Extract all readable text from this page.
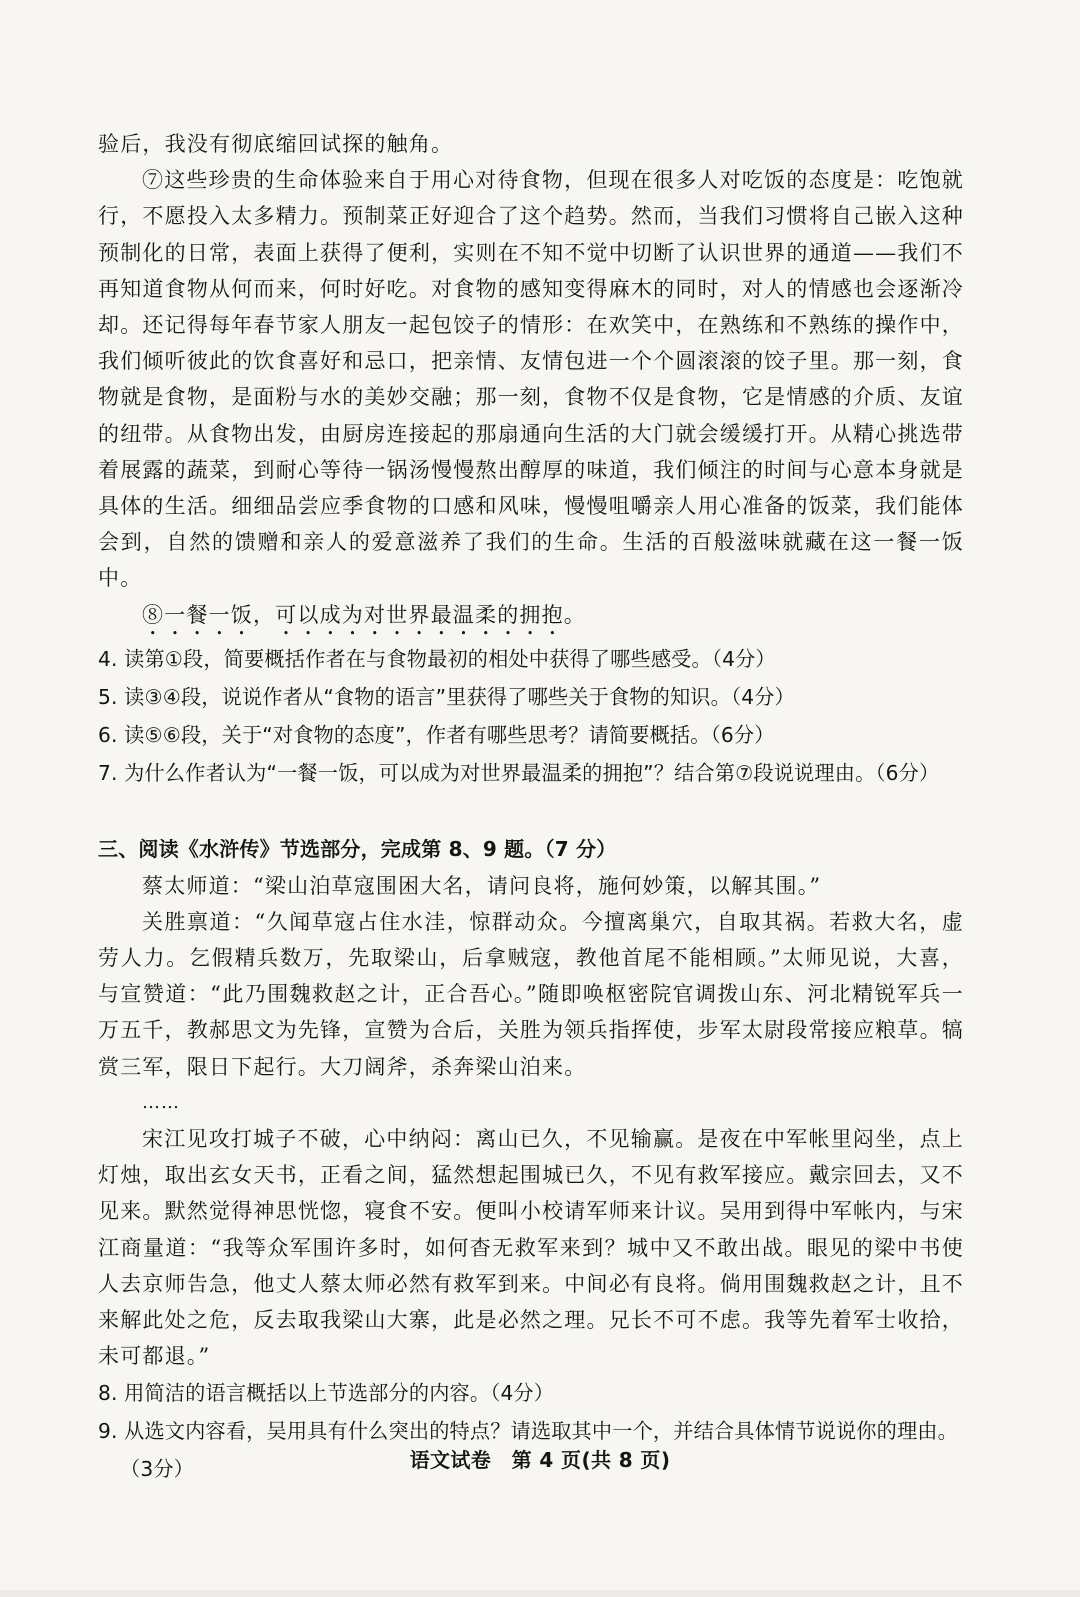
验后，我没有彻底缩回试探的触角。

⑦这些珍贵的生命体验来自于用心对待食物，但现在很多人对吃饭的态度是：吃饱就行，不愿投入太多精力。预制菜正好迎合了这个趋势。然而，当我们习惯将自己嵌入这种预制化的日常，表面上获得了便利，实则在不知不觉中切断了认识世界的通道——我们不再知道食物从何而来，何时好吃。对食物的感知变得麻木的同时，对人的情感也会逐渐冷却。还记得每年春节家人朋友一起包饺子的情形：在欢笑中，在熟练和不熟练的操作中，我们倾听彼此的饮食喜好和忌口，把亲情、友情包进一个个圆滚滚的饺子里。那一刻，食物就是食物，是面粉与水的美妙交融；那一刻，食物不仅是食物，它是情感的介质、友谊的纽带。从食物出发，由厨房连接起的那扇通向生活的大门就会缓缓打开。从精心挑选带着展露的蔬菜，到耐心等待一锅汤慢慢熬出醇厚的味道，我们倾注的时间与心意本身就是具体的生活。细细品尝应季食物的口感和风味，慢慢咀嚼亲人用心准备的饭菜，我们能体会到，自然的馈赠和亲人的爱意滋养了我们的生命。生活的百般滋味就藏在这一餐一饭中。

⑧一餐一饭，可以成为对世界最温柔的拥抱。

4. 读第①段，简要概括作者在与食物最初的相处中获得了哪些感受。（4分）

5. 读③④段，说说作者从“食物的语言”里获得了哪些关于食物的知识。（4分）

6. 读⑤⑥段，关于“对食物的态度”，作者有哪些思考？请简要概括。（6分）

7. 为什么作者认为“一餐一饭，可以成为对世界最温柔的拥抱”？结合第⑦段说说理由。（6分）

三、阅读《水浒传》节选部分，完成第 8、9 题。（7 分）

蔡太师道：“梁山泊草寇围困大名，请问良将，施何妙策，以解其围。”

关胜禀道：“久闻草寇占住水洼，惊群动众。今擅离巢穴，自取其祸。若救大名，虚劳人力。乞假精兵数万，先取梁山，后拿贼寇，教他首尾不能相顾。”太师见说，大喜，与宣赞道：“此乃围魏救赵之计，正合吾心。”随即唤枢密院官调拨山东、河北精锐军兵一万五千，教郝思文为先锋，宣赞为合后，关胜为领兵指挥使，步军太尉段常接应粮草。犒赏三军，限日下起行。大刀阔斧，杀奔梁山泊来。

……

宋江见攻打城子不破，心中纳闷：离山已久，不见输赢。是夜在中军帐里闷坐，点上灯烛，取出玄女天书，正看之间，猛然想起围城已久，不见有救军接应。戴宗回去，又不见来。默然觉得神思恍惚，寝食不安。便叫小校请军师来计议。吴用到得中军帐内，与宋江商量道：“我等众军围许多时，如何杳无救军来到？城中又不敢出战。眼见的梁中书使人去京师告急，他丈人蔡太师必然有救军到来。中间必有良将。倘用围魏救赵之计，且不来解此处之危，反去取我梁山大寨，此是必然之理。兄长不可不虑。我等先着军士收拾，未可都退。”

8. 用简洁的语言概括以上节选部分的内容。（4分）

9. 从选文内容看，吴用具有什么突出的特点？请选取其中一个，并结合具体情节说说你的理由。（3分）	语文试卷　第 4 页(共 8 页)
